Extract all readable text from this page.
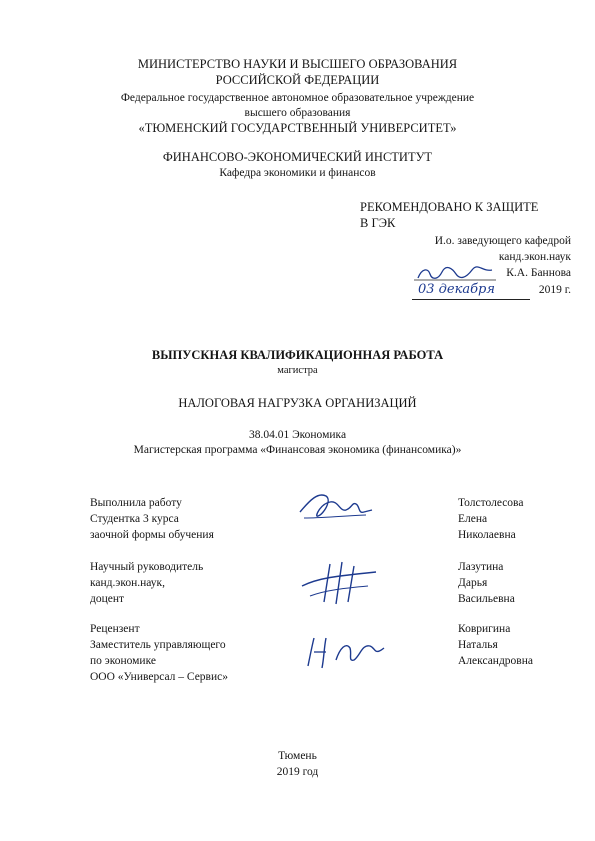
МИНИСТЕРСТВО НАУКИ И ВЫСШЕГО ОБРАЗОВАНИЯ
РОССИЙСКОЙ ФЕДЕРАЦИИ
Федеральное государственное автономное образовательное учреждение
высшего образования
«ТЮМЕНСКИЙ ГОСУДАРСТВЕННЫЙ УНИВЕРСИТЕТ»
ФИНАНСОВО-ЭКОНОМИЧЕСКИЙ ИНСТИТУТ
Кафедра экономики и финансов
РЕКОМЕНДОВАНО К ЗАЩИТЕ
В ГЭК
И.о. заведующего кафедрой
канд.экон.наук
К.А. Баннова
03 декабря	2019 г.
ВЫПУСКНАЯ КВАЛИФИКАЦИОННАЯ РАБОТА
магистра
НАЛОГОВАЯ НАГРУЗКА ОРГАНИЗАЦИЙ
38.04.01 Экономика
Магистерская программа «Финансовая экономика (финансомика)»
Выполнила работу
Студентка 3 курса
заочной формы обучения
Толстолесова
Елена
Николаевна
Научный руководитель
канд.экон.наук,
доцент
Лазутина
Дарья
Васильевна
Рецензент
Заместитель управляющего
по экономике
ООО «Универсал – Сервис»
Ковригина
Наталья
Александровна
Тюмень
2019 год
